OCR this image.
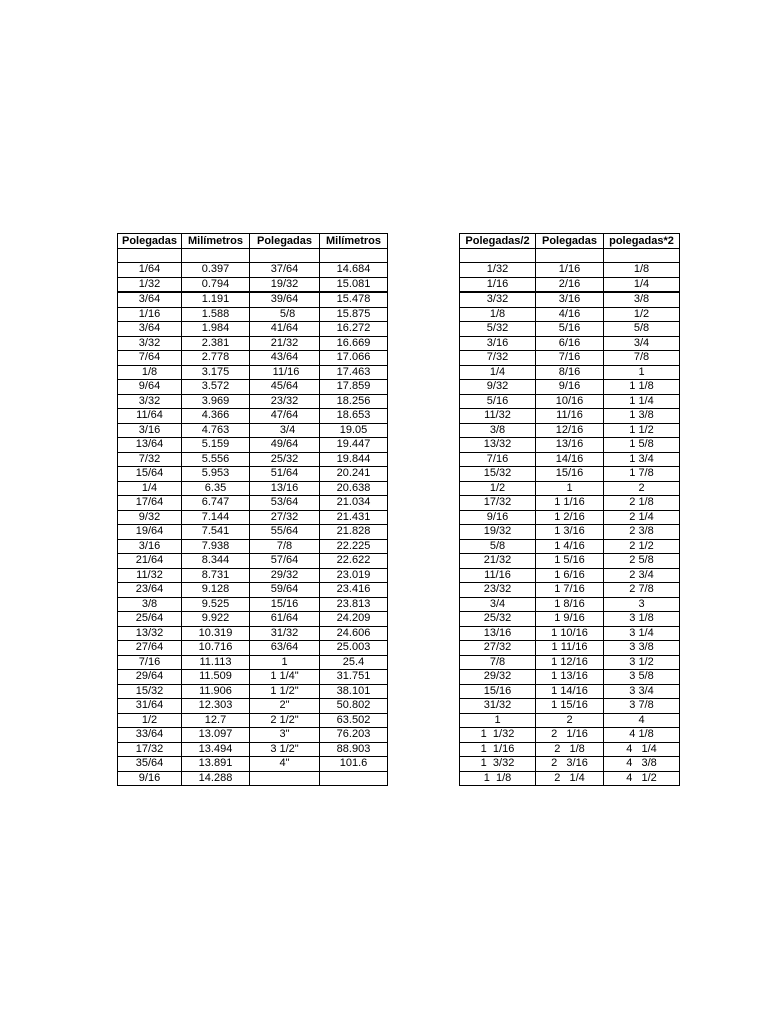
Polegadas	Milímetros	Polegadas	Milímetros

1/64	0.397	37/64	14.684
1/32	0.794	19/32	15.081
3/64	1.191	39/64	15.478
1/16	1.588	5/8	15.875
3/64	1.984	41/64	16.272
3/32	2.381	21/32	16.669
7/64	2.778	43/64	17.066
1/8	3.175	11/16	17.463
9/64	3.572	45/64	17.859
3/32	3.969	23/32	18.256
11/64	4.366	47/64	18.653
3/16	4.763	3/4	19.05
13/64	5.159	49/64	19.447
7/32	5.556	25/32	19.844
15/64	5.953	51/64	20.241
1/4	6.35	13/16	20.638
17/64	6.747	53/64	21.034
9/32	7.144	27/32	21.431
19/64	7.541	55/64	21.828
3/16	7.938	7/8	22.225
21/64	8.344	57/64	22.622
11/32	8.731	29/32	23.019
23/64	9.128	59/64	23.416
3/8	9.525	15/16	23.813
25/64	9.922	61/64	24.209
13/32	10.319	31/32	24.606
27/64	10.716	63/64	25.003
7/16	11.113	1	25.4
29/64	11.509	1 1/4"	31.751
15/32	11.906	1 1/2"	38.101
31/64	12.303	2"	50.802
1/2	12.7	2 1/2"	63.502
33/64	13.097	3"	76.203
17/32	13.494	3 1/2"	88.903
35/64	13.891	4"	101.6
9/16	14.288		
Polegadas/2	Polegadas	polegadas*2

1/32	1/16	1/8
1/16	2/16	1/4
3/32	3/16	3/8
1/8	4/16	1/2
5/32	5/16	5/8
3/16	6/16	3/4
7/32	7/16	7/8
1/4	8/16	1
9/32	9/16	1 1/8
5/16	10/16	1 1/4
11/32	11/16	1 3/8
3/8	12/16	1 1/2
13/32	13/16	1 5/8
7/16	14/16	1 3/4
15/32	15/16	1 7/8
1/2	1	2
17/32	1 1/16	2 1/8
9/16	1 2/16	2 1/4
19/32	1 3/16	2 3/8
5/8	1 4/16	2 1/2
21/32	1 5/16	2 5/8
11/16	1 6/16	2 3/4
23/32	1 7/16	2 7/8
3/4	1 8/16	3
25/32	1 9/16	3 1/8
13/16	1 10/16	3 1/4
27/32	1 11/16	3 3/8
7/8	1 12/16	3 1/2
29/32	1 13/16	3 5/8
15/16	1 14/16	3 3/4
31/32	1 15/16	3 7/8
1	2	4
1  1/32	2   1/16	4 1/8
1  1/16	2   1/8	4   1/4
1  3/32	2   3/16	4   3/8
1  1/8	2   1/4	4   1/2
